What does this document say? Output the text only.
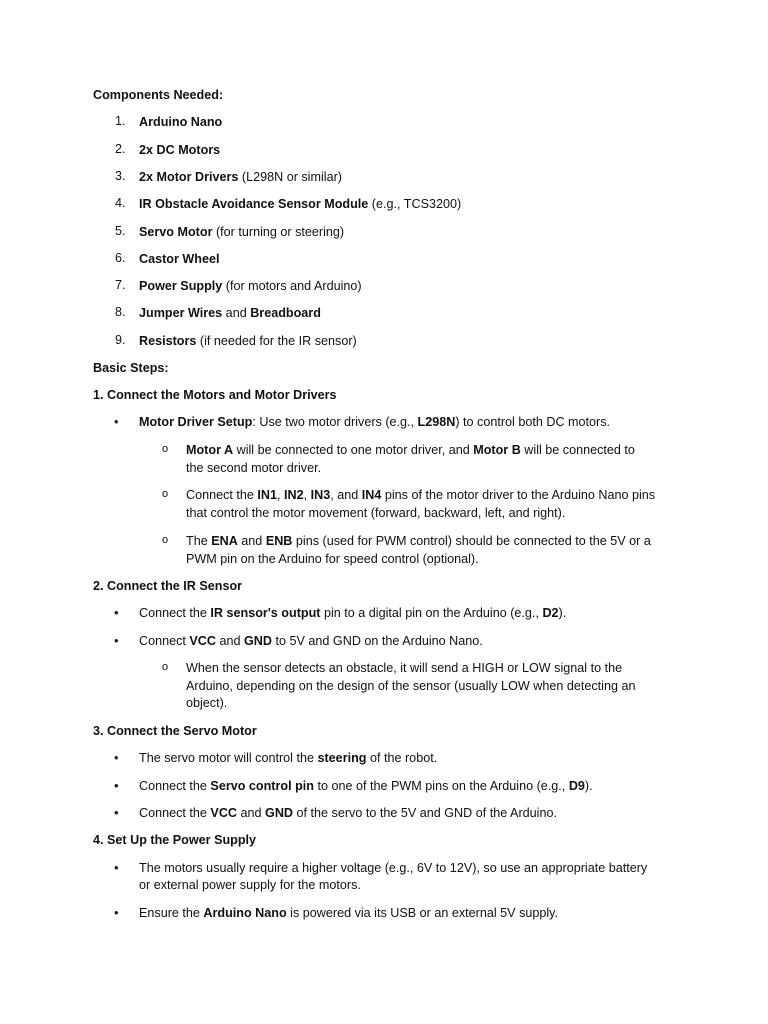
Components Needed:
1.	Arduino Nano
2.	2x DC Motors
3.	2x Motor Drivers (L298N or similar)
4.	IR Obstacle Avoidance Sensor Module (e.g., TCS3200)
5.	Servo Motor (for turning or steering)
6.	Castor Wheel
7.	Power Supply (for motors and Arduino)
8.	Jumper Wires and Breadboard
9.	Resistors (if needed for the IR sensor)
Basic Steps:
1. Connect the Motors and Motor Drivers
• Motor Driver Setup: Use two motor drivers (e.g., L298N) to control both DC motors.
o Motor A will be connected to one motor driver, and Motor B will be connected to
the second motor driver.
o Connect the IN1, IN2, IN3, and IN4 pins of the motor driver to the Arduino Nano pins
that control the motor movement (forward, backward, left, and right).
o The ENA and ENB pins (used for PWM control) should be connected to the 5V or a
PWM pin on the Arduino for speed control (optional).
2. Connect the IR Sensor
• Connect the IR sensor's output pin to a digital pin on the Arduino (e.g., D2).
• Connect VCC and GND to 5V and GND on the Arduino Nano.
o When the sensor detects an obstacle, it will send a HIGH or LOW signal to the
Arduino, depending on the design of the sensor (usually LOW when detecting an
object).
3. Connect the Servo Motor
• The servo motor will control the steering of the robot.
• Connect the Servo control pin to one of the PWM pins on the Arduino (e.g., D9).
• Connect the VCC and GND of the servo to the 5V and GND of the Arduino.
4. Set Up the Power Supply
• The motors usually require a higher voltage (e.g., 6V to 12V), so use an appropriate battery
or external power supply for the motors.
• Ensure the Arduino Nano is powered via its USB or an external 5V supply.
